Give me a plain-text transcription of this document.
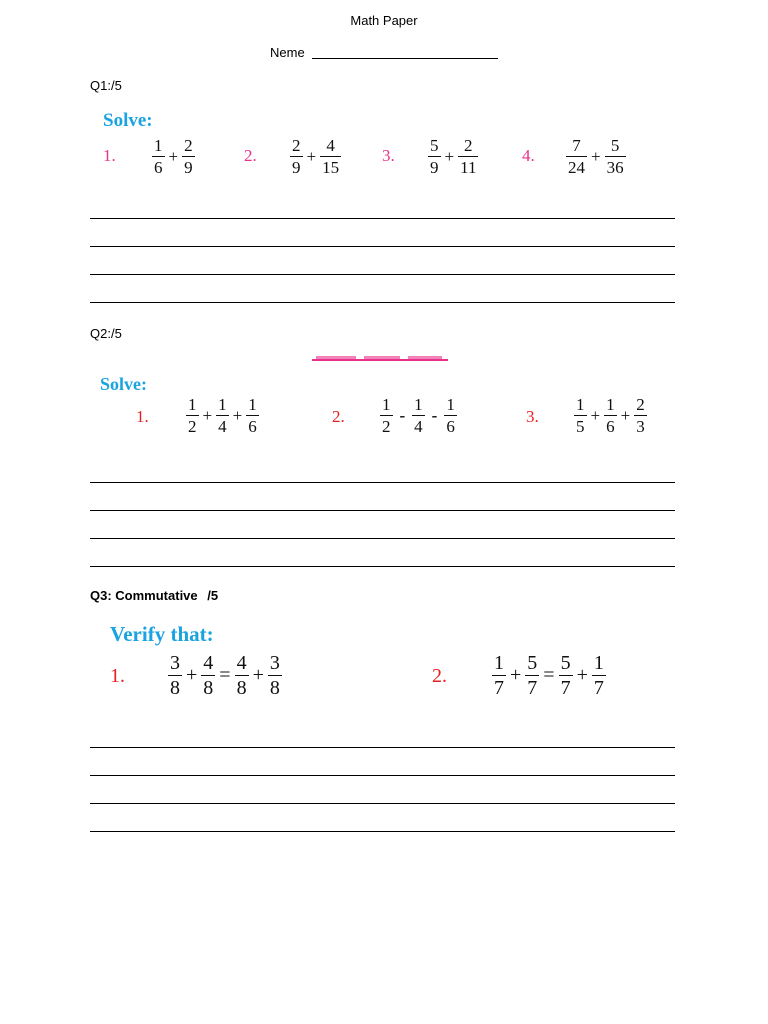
Math Paper
Neme
Q1:/5
Solve:
1. $\frac{1}{6} + \frac{2}{9}$	2. $\frac{2}{9} + \frac{4}{15} 3$. $\frac{5}{9} + \frac{2}{11}$	4. $\frac{7}{24} + \frac{5}{36}$
Q2:/5
Solve:
1. $\frac{1}{2} + \frac{1}{4} + \frac{1}{6}$	2. $\frac{1}{2} - \frac{1}{4} - \frac{1}{6}$	3. $\frac{1}{5} + \frac{1}{6} + \frac{2}{3}$
Q3: Commutative /5
Verify that:
1. $\frac{3}{8} + \frac{4}{8} = \frac{4}{8} + \frac{3}{8}$	2. $\frac{1}{7} + \frac{5}{7} = \frac{5}{7} + \frac{1}{7}$
